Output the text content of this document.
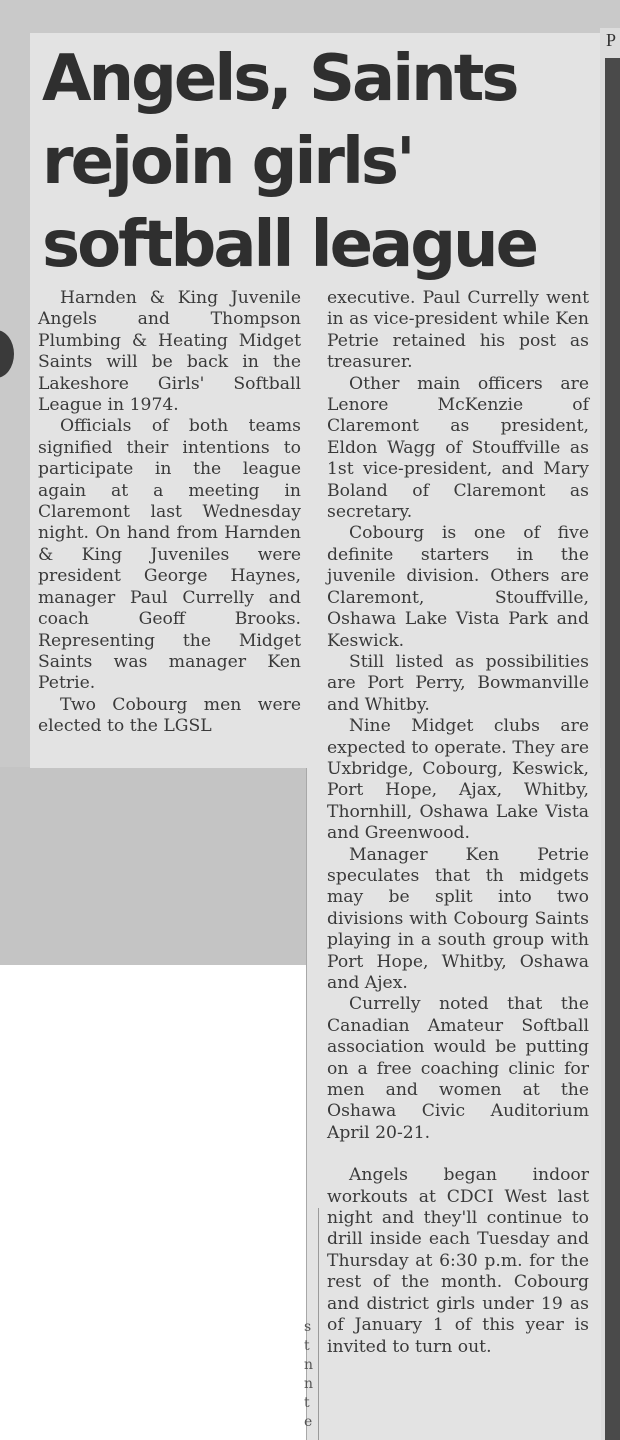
P
Angels, Saints rejoin girls' softball league

Harnden & King Juvenile Angels and Thompson Plumbing & Heating Midget Saints will be back in the Lakeshore Girls' Softball League in 1974.

Officials of both teams signified their intentions to participate in the league again at a meeting in Claremont last Wednesday night. On hand from Harnden & King Juveniles were president George Haynes, manager Paul Currelly and coach Geoff Brooks. Representing the Midget Saints was manager Ken Petrie.

Two Cobourg men were elected to the LGSL

executive. Paul Currelly went in as vice-president while Ken Petrie retained his post as treasurer.

Other main officers are Lenore McKenzie of Claremont as president, Eldon Wagg of Stouffville as 1st vice-president, and Mary Boland of Claremont as secretary.

Cobourg is one of five definite starters in the juvenile division. Others are Claremont, Stouffville, Oshawa Lake Vista Park and Keswick.

Still listed as possibilities are Port Perry, Bowmanville and Whitby.

Nine Midget clubs are expected to operate. They are Uxbridge, Cobourg, Keswick, Port Hope, Ajax, Whitby, Thornhill, Oshawa Lake Vista and Greenwood.

Manager Ken Petrie speculates that th midgets may be split into two divisions with Cobourg Saints playing in a south group with Port Hope, Whitby, Oshawa and Ajex.

Currelly noted that the Canadian Amateur Softball association would be putting on a free coaching clinic for men and women at the Oshawa Civic Auditorium April 20-21.

Angels began indoor workouts at CDCI West last night and they'll continue to drill inside each Tuesday and Thursday at 6:30 p.m. for the rest of the month. Cobourg and district girls under 19 as of January 1 of this year is invited to turn out.

s
t
n
n
t
e
